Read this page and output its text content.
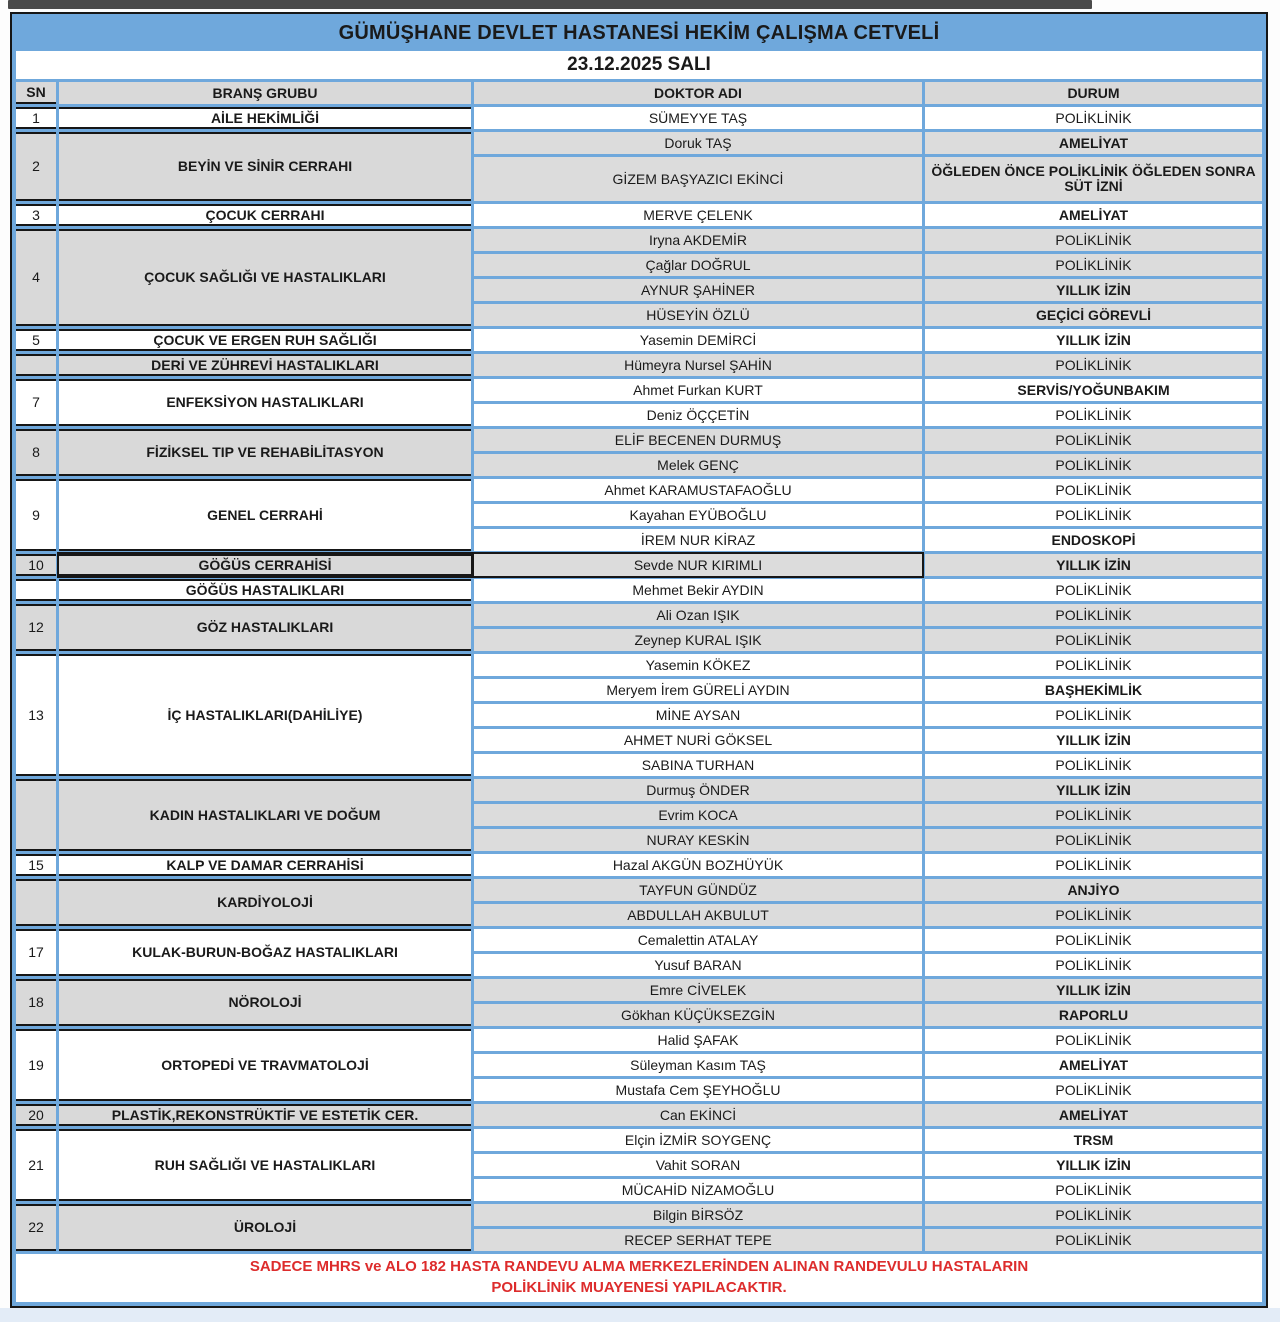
GÜMÜŞHANE DEVLET HASTANESİ HEKİM ÇALIŞMA CETVELİ
23.12.2025 SALI
SN	BRANŞ GRUBU	DOKTOR ADI	DURUM
1	AİLE HEKİMLİĞİ	SÜMEYYE TAŞ	POLİKLİNİK
2	BEYİN VE SİNİR CERRAHI
Doruk TAŞ	AMELİYAT
GİZEM BAŞYAZICI EKİNCİ	ÖĞLEDEN ÖNCE POLİKLİNİK ÖĞLEDEN SONRA SÜT İZNİ
3	ÇOCUK CERRAHI	MERVE ÇELENK	AMELİYAT
4	ÇOCUK SAĞLIĞI VE HASTALIKLARI
Iryna AKDEMİR	POLİKLİNİK
Çağlar DOĞRUL	POLİKLİNİK
AYNUR ŞAHİNER	YILLIK İZİN
HÜSEYİN ÖZLÜ	GEÇİCİ GÖREVLİ
5	ÇOCUK VE ERGEN RUH SAĞLIĞI	Yasemin DEMİRCİ	YILLIK İZİN
DERİ VE ZÜHREVİ HASTALIKLARI	Hümeyra Nursel ŞAHİN	POLİKLİNİK
7	ENFEKSİYON HASTALIKLARI
Ahmet Furkan KURT	SERVİS/YOĞUNBAKIM
Deniz ÖÇÇETİN	POLİKLİNİK
8	FİZİKSEL TIP VE REHABİLİTASYON
ELİF BECENEN DURMUŞ	POLİKLİNİK
Melek GENÇ	POLİKLİNİK
9	GENEL CERRAHİ
Ahmet KARAMUSTAFAOĞLU	POLİKLİNİK
Kayahan EYÜBOĞLU	POLİKLİNİK
İREM NUR KİRAZ	ENDOSKOPİ
10	GÖĞÜS CERRAHİSİ	Sevde NUR KIRIMLI	YILLIK İZİN
GÖĞÜS HASTALIKLARI	Mehmet Bekir AYDIN	POLİKLİNİK
12	GÖZ HASTALIKLARI
Ali Ozan IŞIK	POLİKLİNİK
Zeynep KURAL IŞIK	POLİKLİNİK
13	İÇ HASTALIKLARI(DAHİLİYE)
Yasemin KÖKEZ	POLİKLİNİK
Meryem İrem GÜRELİ AYDIN	BAŞHEKİMLİK
MİNE AYSAN	POLİKLİNİK
AHMET NURİ GÖKSEL	YILLIK İZİN
SABINA TURHAN	POLİKLİNİK
KADIN HASTALIKLARI VE DOĞUM
Durmuş ÖNDER	YILLIK İZİN
Evrim KOCA	POLİKLİNİK
NURAY KESKİN	POLİKLİNİK
15	KALP VE DAMAR CERRAHİSİ	Hazal AKGÜN BOZHÜYÜK	POLİKLİNİK
KARDİYOLOJİ
TAYFUN GÜNDÜZ	ANJİYO
ABDULLAH AKBULUT	POLİKLİNİK
17	KULAK-BURUN-BOĞAZ HASTALIKLARI
Cemalettin ATALAY	POLİKLİNİK
Yusuf BARAN	POLİKLİNİK
18	NÖROLOJİ
Emre CİVELEK	YILLIK İZİN
Gökhan KÜÇÜKSEZGİN	RAPORLU
19	ORTOPEDİ VE TRAVMATOLOJİ
Halid ŞAFAK	POLİKLİNİK
Süleyman Kasım TAŞ	AMELİYAT
Mustafa Cem ŞEYHOĞLU	POLİKLİNİK
20	PLASTİK,REKONSTRÜKTİF VE ESTETİK CER.	Can EKİNCİ	AMELİYAT
21	RUH SAĞLIĞI VE HASTALIKLARI
Elçin İZMİR SOYGENÇ	TRSM
Vahit SORAN	YILLIK İZİN
MÜCAHİD NİZAMOĞLU	POLİKLİNİK
22	ÜROLOJİ
Bilgin BİRSÖZ	POLİKLİNİK
RECEP SERHAT TEPE	POLİKLİNİK
SADECE MHRS ve ALO 182 HASTA RANDEVU ALMA MERKEZLERİNDEN ALINAN RANDEVULU HASTALARIN
POLİKLİNİK MUAYENESİ YAPILACAKTIR.
